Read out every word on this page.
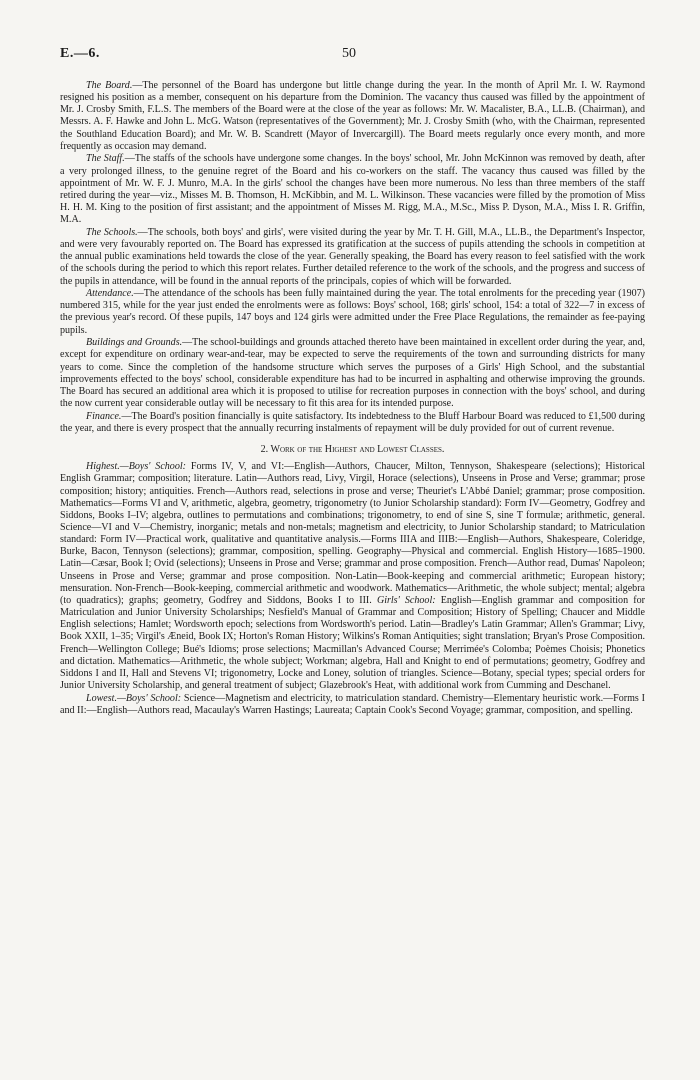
E.—6.	50

The Board.—The personnel of the Board has undergone but little change during the year. In the month of April Mr. I. W. Raymond resigned his position as a member, consequent on his departure from the Dominion. The vacancy thus caused was filled by the appointment of Mr. J. Crosby Smith, F.L.S. The members of the Board were at the close of the year as follows: Mr. W. Macalister, B.A., LL.B. (Chairman), and Messrs. A. F. Hawke and John L. McG. Watson (representatives of the Government); Mr. J. Crosby Smith (who, with the Chairman, represented the Southland Education Board); and Mr. W. B. Scandrett (Mayor of Invercargill). The Board meets regularly once every month, and more frequently as occasion may demand.

The Staff.—The staffs of the schools have undergone some changes. In the boys' school, Mr. John McKinnon was removed by death, after a very prolonged illness, to the genuine regret of the Board and his co-workers on the staff. The vacancy thus caused was filled by the appointment of Mr. W. F. J. Munro, M.A. In the girls' school the changes have been more numerous. No less than three members of the staff retired during the year—viz., Misses M. B. Thomson, H. McKibbin, and M. L. Wilkinson. These vacancies were filled by the promotion of Miss H. H. M. King to the position of first assistant; and the appointment of Misses M. Rigg, M.A., M.Sc., Miss P. Dyson, M.A., Miss I. R. Griffin, M.A.

The Schools.—The schools, both boys' and girls', were visited during the year by Mr. T. H. Gill, M.A., LL.B., the Department's Inspector, and were very favourably reported on. The Board has expressed its gratification at the success of pupils attending the schools in competition at the annual public examinations held towards the close of the year. Generally speaking, the Board has every reason to feel satisfied with the work of the schools during the period to which this report relates. Further detailed reference to the work of the schools, and the progress and success of the pupils in attendance, will be found in the annual reports of the principals, copies of which will be forwarded.

Attendance.—The attendance of the schools has been fully maintained during the year. The total enrolments for the preceding year (1907) numbered 315, while for the year just ended the enrolments were as follows: Boys' school, 168; girls' school, 154: a total of 322—7 in excess of the previous year's record. Of these pupils, 147 boys and 124 girls were admitted under the Free Place Regulations, the remainder as fee-paying pupils.

Buildings and Grounds.—The school-buildings and grounds attached thereto have been maintained in excellent order during the year, and, except for expenditure on ordinary wear-and-tear, may be expected to serve the requirements of the town and surrounding districts for many years to come. Since the completion of the handsome structure which serves the purposes of a Girls' High School, and the substantial improvements effected to the boys' school, considerable expenditure has had to be incurred in asphalting and otherwise improving the grounds. The Board has secured an additional area which it is proposed to utilise for recreation purposes in connection with the boys' school, and during the now current year considerable outlay will be necessary to fit this area for its intended purpose.

Finance.—The Board's position financially is quite satisfactory. Its indebtedness to the Bluff Harbour Board was reduced to £1,500 during the year, and there is every prospect that the annually recurring instalments of repayment will be duly provided for out of current revenue.

2. Work of the Highest and Lowest Classes.

Highest.—Boys' School: Forms IV, V, and VI:—English—Authors, Chaucer, Milton, Tennyson, Shakespeare (selections); Historical English Grammar; composition; literature. Latin—Authors read, Livy, Virgil, Horace (selections), Unseens in Prose and Verse; grammar; prose composition; history; antiquities. French—Authors read, selections in prose and verse; Theuriet's L'Abbé Daniel; grammar; prose composition. Mathematics—Forms VI and V, arithmetic, algebra, geometry, trigonometry (to Junior Scholarship standard): Form IV—Geometry, Godfrey and Siddons, Books I–IV; algebra, outlines to permutations and combinations; trigonometry, to end of sine S, sine T formulæ; arithmetic, general. Science—VI and V—Chemistry, inorganic; metals and non-metals; magnetism and electricity, to Junior Scholarship standard; to Matriculation standard: Form IV—Practical work, qualitative and quantitative analysis.—Forms IIIA and IIIB:—English—Authors, Shakespeare, Coleridge, Burke, Bacon, Tennyson (selections); grammar, composition, spelling. Geography—Physical and commercial. English History—1685–1900. Latin—Cæsar, Book I; Ovid (selections); Unseens in Prose and Verse; grammar and prose composition. French—Author read, Dumas' Napoleon; Unseens in Prose and Verse; grammar and prose composition. Non-Latin—Book-keeping and commercial arithmetic; European history; mensuration. Non-French—Book-keeping, commercial arithmetic and woodwork. Mathematics—Arithmetic, the whole subject; mental; algebra (to quadratics); graphs; geometry, Godfrey and Siddons, Books I to III. Girls' School: English—English grammar and composition for Matriculation and Junior University Scholarships; Nesfield's Manual of Grammar and Composition; History of Spelling; Chaucer and Middle English selections; Hamlet; Wordsworth epoch; selections from Wordsworth's period. Latin—Bradley's Latin Grammar; Allen's Grammar; Livy, Book XXII, 1–35; Virgil's Æneid, Book IX; Horton's Roman History; Wilkins's Roman Antiquities; sight translation; Bryan's Prose Composition. French—Wellington College; Bué's Idioms; prose selections; Macmillan's Advanced Course; Merrimée's Colomba; Poèmes Choisis; Phonetics and dictation. Mathematics—Arithmetic, the whole subject; Workman; algebra, Hall and Knight to end of permutations; geometry, Godfrey and Siddons I and II, Hall and Stevens VI; trigonometry, Locke and Loney, solution of triangles. Science—Botany, special types; special orders for Junior University Scholarship, and general treatment of subject; Glazebrook's Heat, with additional work from Cumming and Deschanel.

Lowest.—Boys' School: Science—Magnetism and electricity, to matriculation standard. Chemistry—Elementary heuristic work.—Forms I and II:—English—Authors read, Macaulay's Warren Hastings; Laureata; Captain Cook's Second Voyage; grammar, composition, and spelling.
